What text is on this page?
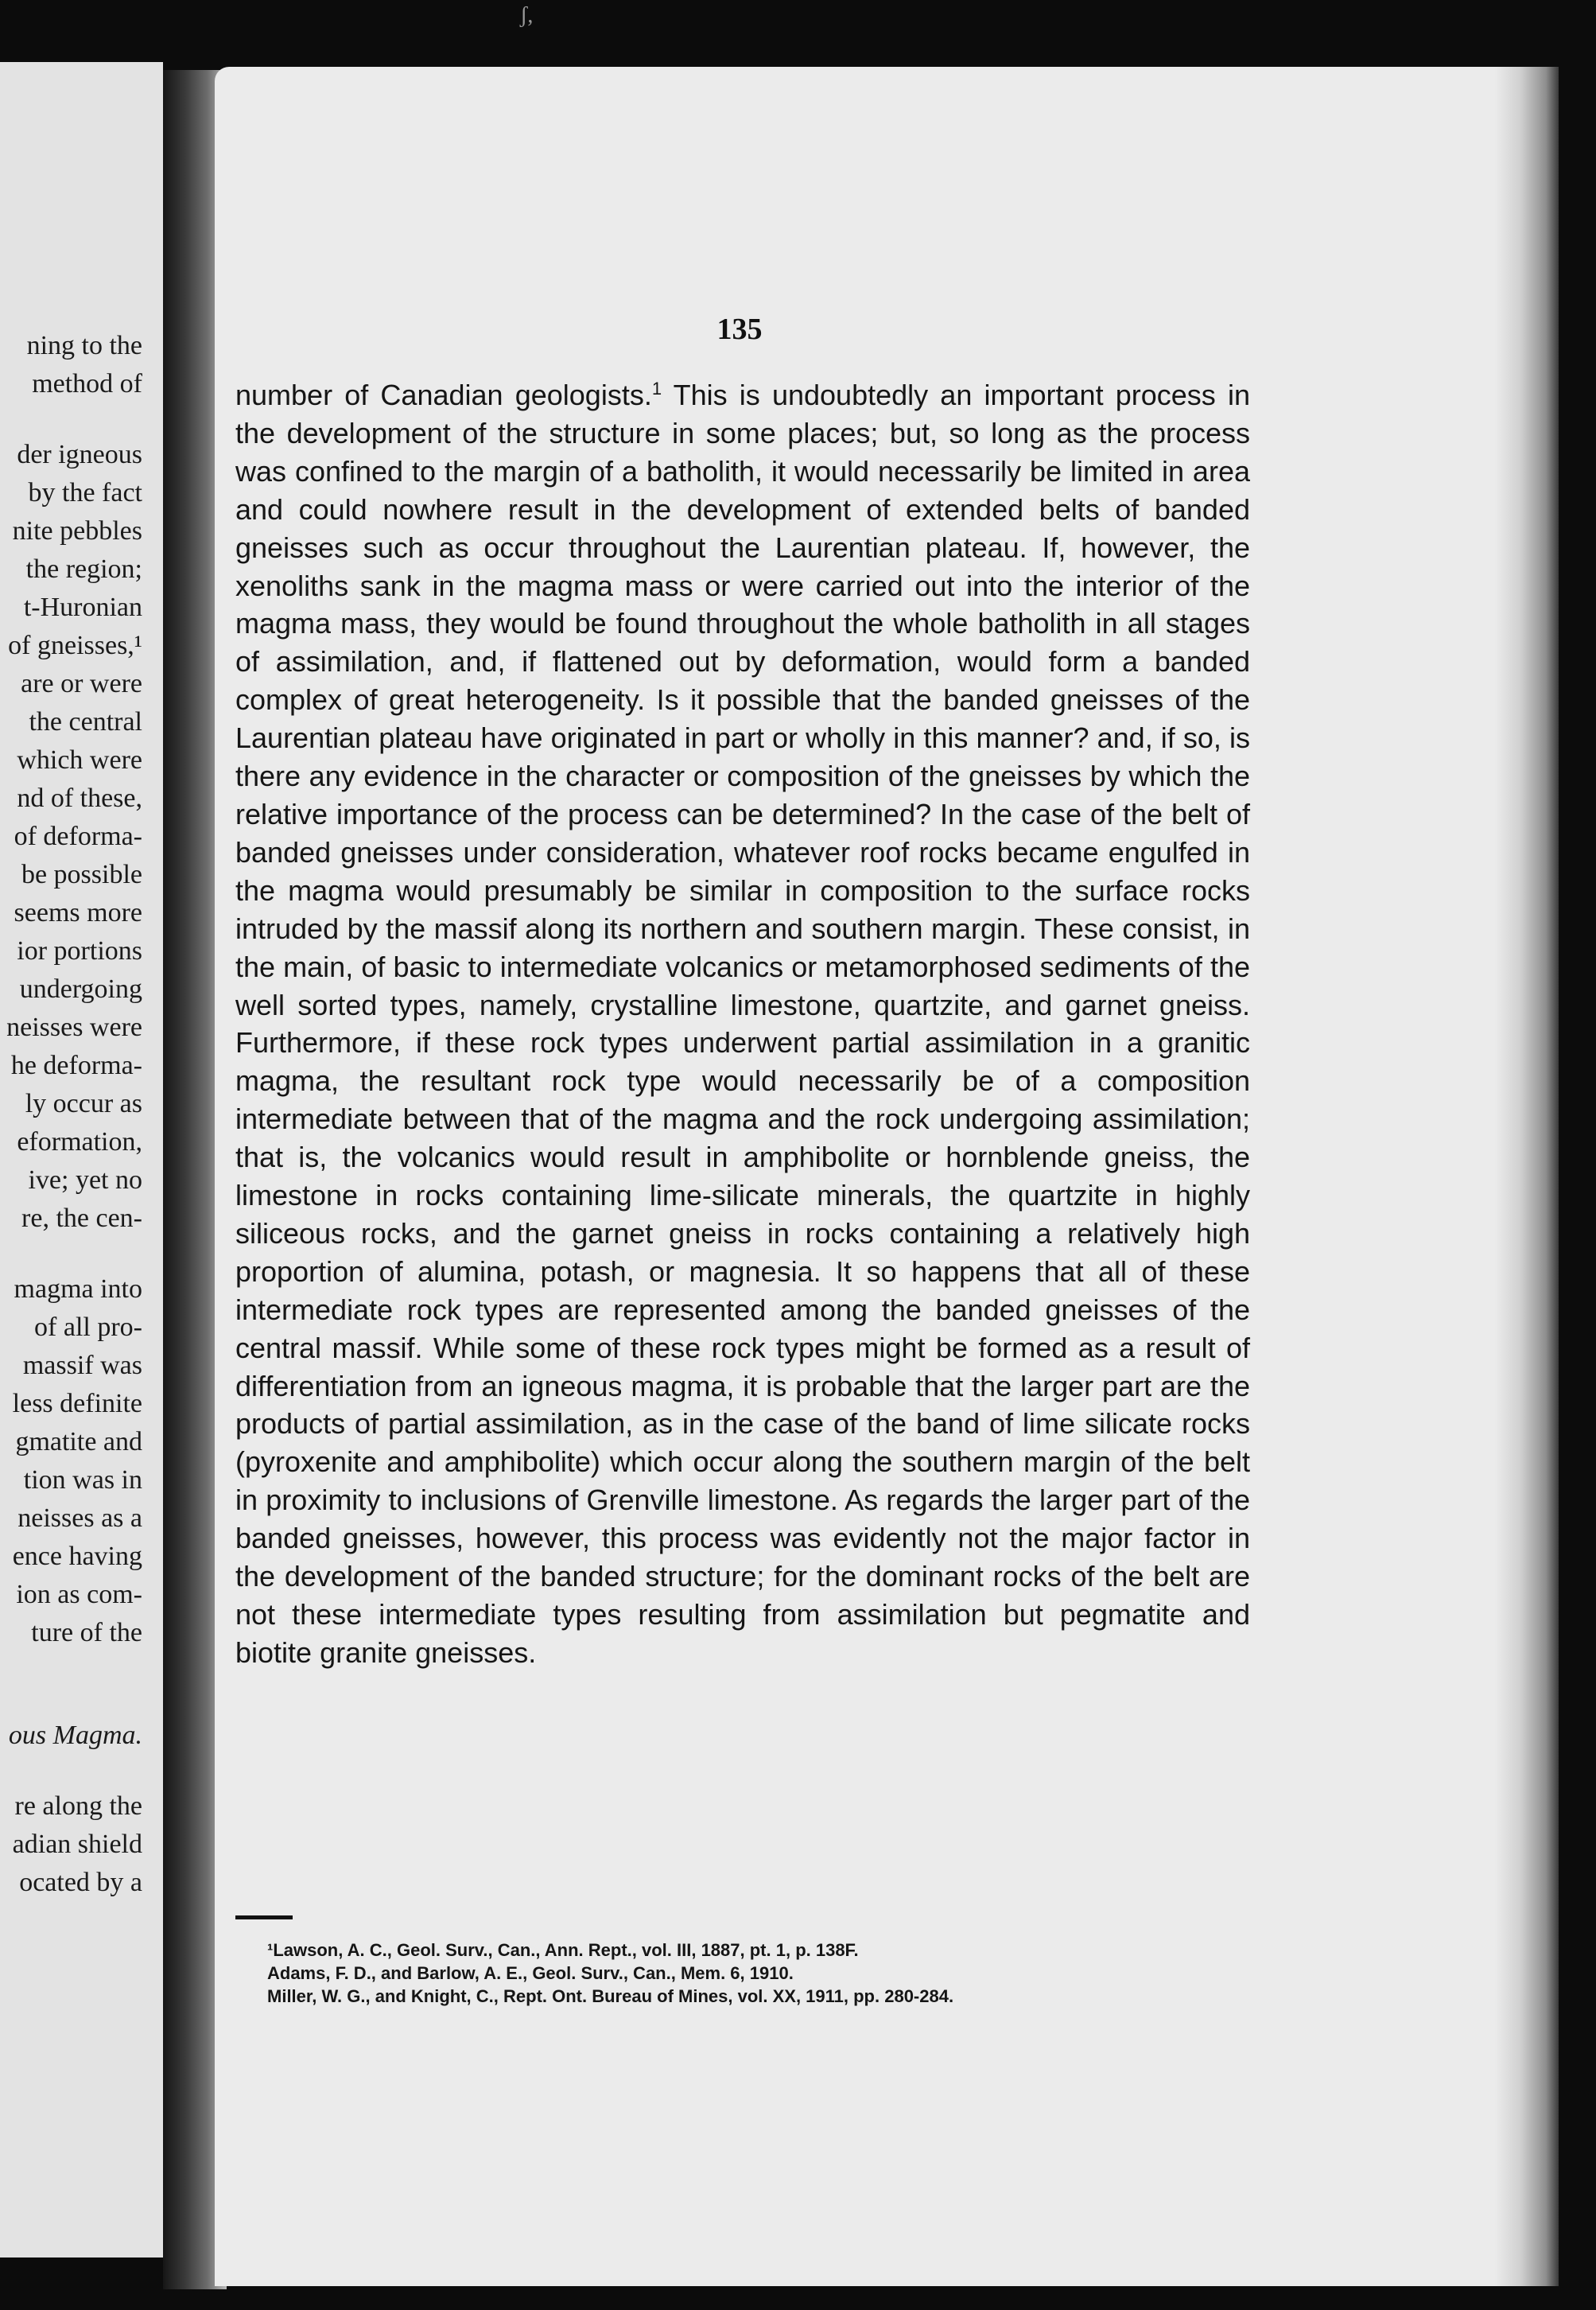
ʃ,
ning to the
method of
der igneous
by the fact
nite pebbles
the region;
t-Huronian
of gneisses,¹
are or were
the central
which were
nd of these,
of deforma-
be possible
seems more
ior portions
undergoing
neisses were
he deforma-
ly occur as
eformation,
ive; yet no
re, the cen-
magma into
of all pro-
massif was
less definite
gmatite and
tion was in
neisses as a
ence having
ion as com-
ture of the
ous Magma.
re along the
adian shield
ocated by a
135
number of Canadian geologists.$^1$ This is undoubtedly an important process in the development of the structure in some places; but, so long as the process was confined to the margin of a batholith, it would necessarily be limited in area and could nowhere result in the development of extended belts of banded gneisses such as occur throughout the Laurentian plateau. If, however, the xenoliths sank in the magma mass or were carried out into the interior of the magma mass, they would be found throughout the whole batholith in all stages of assimilation, and, if flattened out by deformation, would form a banded complex of great heterogeneity. Is it possible that the banded gneisses of the Laurentian plateau have originated in part or wholly in this manner? and, if so, is there any evidence in the character or composition of the gneisses by which the relative importance of the process can be determined? In the case of the belt of banded gneisses under consideration, whatever roof rocks became engulfed in the magma would presumably be similar in composition to the surface rocks intruded by the massif along its northern and southern margin. These consist, in the main, of basic to intermediate volcanics or metamorphosed sediments of the well sorted types, namely, crystalline limestone, quartzite, and garnet gneiss. Furthermore, if these rock types underwent partial assimilation in a granitic magma, the resultant rock type would necessarily be of a composition intermediate between that of the magma and the rock undergoing assimilation; that is, the volcanics would result in amphibolite or hornblende gneiss, the limestone in rocks containing lime-silicate minerals, the quartzite in highly siliceous rocks, and the garnet gneiss in rocks containing a relatively high proportion of alumina, potash, or magnesia. It so happens that all of these intermediate rock types are represented among the banded gneisses of the central massif. While some of these rock types might be formed as a result of differentiation from an igneous magma, it is probable that the larger part are the products of partial assimilation, as in the case of the band of lime silicate rocks (pyroxenite and amphibolite) which occur along the southern margin of the belt in proximity to inclusions of Grenville limestone. As regards the larger part of the banded gneisses, however, this process was evidently not the major factor in the development of the banded structure; for the dominant rocks of the belt are not these intermediate types resulting from assimilation but pegmatite and biotite granite gneisses.
¹Lawson, A. C., Geol. Surv., Can., Ann. Rept., vol. III, 1887, pt. 1, p. 138F.
Adams, F. D., and Barlow, A. E., Geol. Surv., Can., Mem. 6, 1910.
Miller, W. G., and Knight, C., Rept. Ont. Bureau of Mines, vol. XX, 1911, pp. 280-284.
